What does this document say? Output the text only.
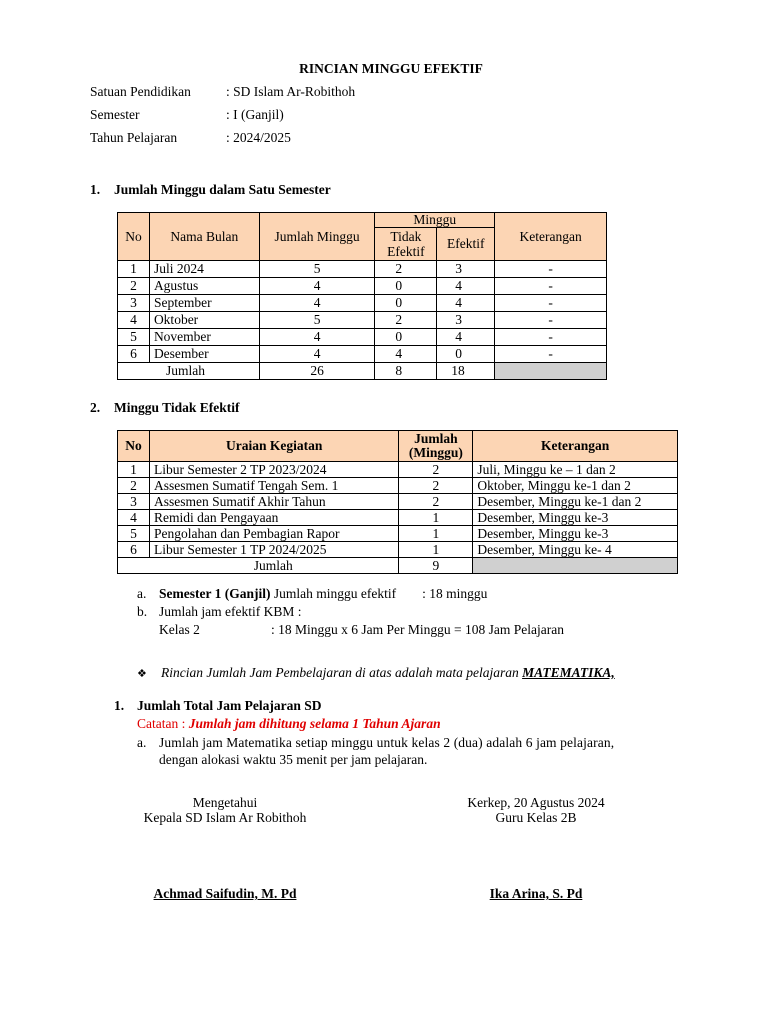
RINCIAN MINGGU EFEKTIF
Satuan Pendidikan	: SD Islam Ar-Robithoh
Semester	: I (Ganjil)
Tahun Pelajaran	: 2024/2025
1. Jumlah Minggu dalam Satu Semester
No	Nama Bulan	Jumlah Minggu	Minggu		Keterangan
			Tidak Efektif	Efektif	
1	Juli 2024	5	2	3	-
2	Agustus	4	0	4	-
3	September	4	0	4	-
4	Oktober	5	2	3	-
5	November	4	0	4	-
6	Desember	4	4	0	-
Jumlah		26	8	18	
2. Minggu Tidak Efektif
No	Uraian Kegiatan	Jumlah (Minggu)	Keterangan
1	Libur Semester 2 TP 2023/2024	2	Juli, Minggu ke – 1 dan 2
2	Assesmen Sumatif Tengah Sem. 1	2	Oktober, Minggu ke-1 dan 2
3	Assesmen Sumatif Akhir Tahun	2	Desember, Minggu ke-1 dan 2
4	Remidi dan Pengayaan	1	Desember, Minggu ke-3
5	Pengolahan dan Pembagian Rapor	1	Desember, Minggu ke-3
6	Libur Semester 1 TP 2024/2025	1	Desember, Minggu ke- 4
Jumlah		9	
a. Semester 1 (Ganjil) Jumlah minggu efektif : 18 minggu
b. Jumlah jam efektif KBM :
Kelas 2	: 18 Minggu x 6 Jam Per Minggu = 108 Jam Pelajaran
❖ Rincian Jumlah Jam Pembelajaran di atas adalah mata pelajaran MATEMATIKA,
1. Jumlah Total Jam Pelajaran SD
Catatan : Jumlah jam dihitung selama 1 Tahun Ajaran
a. Jumlah jam Matematika setiap minggu untuk kelas 2 (dua) adalah 6 jam pelajaran,
dengan alokasi waktu 35 menit per jam pelajaran.
Mengetahui
Kepala SD Islam Ar Robithoh
Achmad Saifudin, M. Pd
Kerkep, 20 Agustus 2024
Guru Kelas 2B
Ika Arina, S. Pd
